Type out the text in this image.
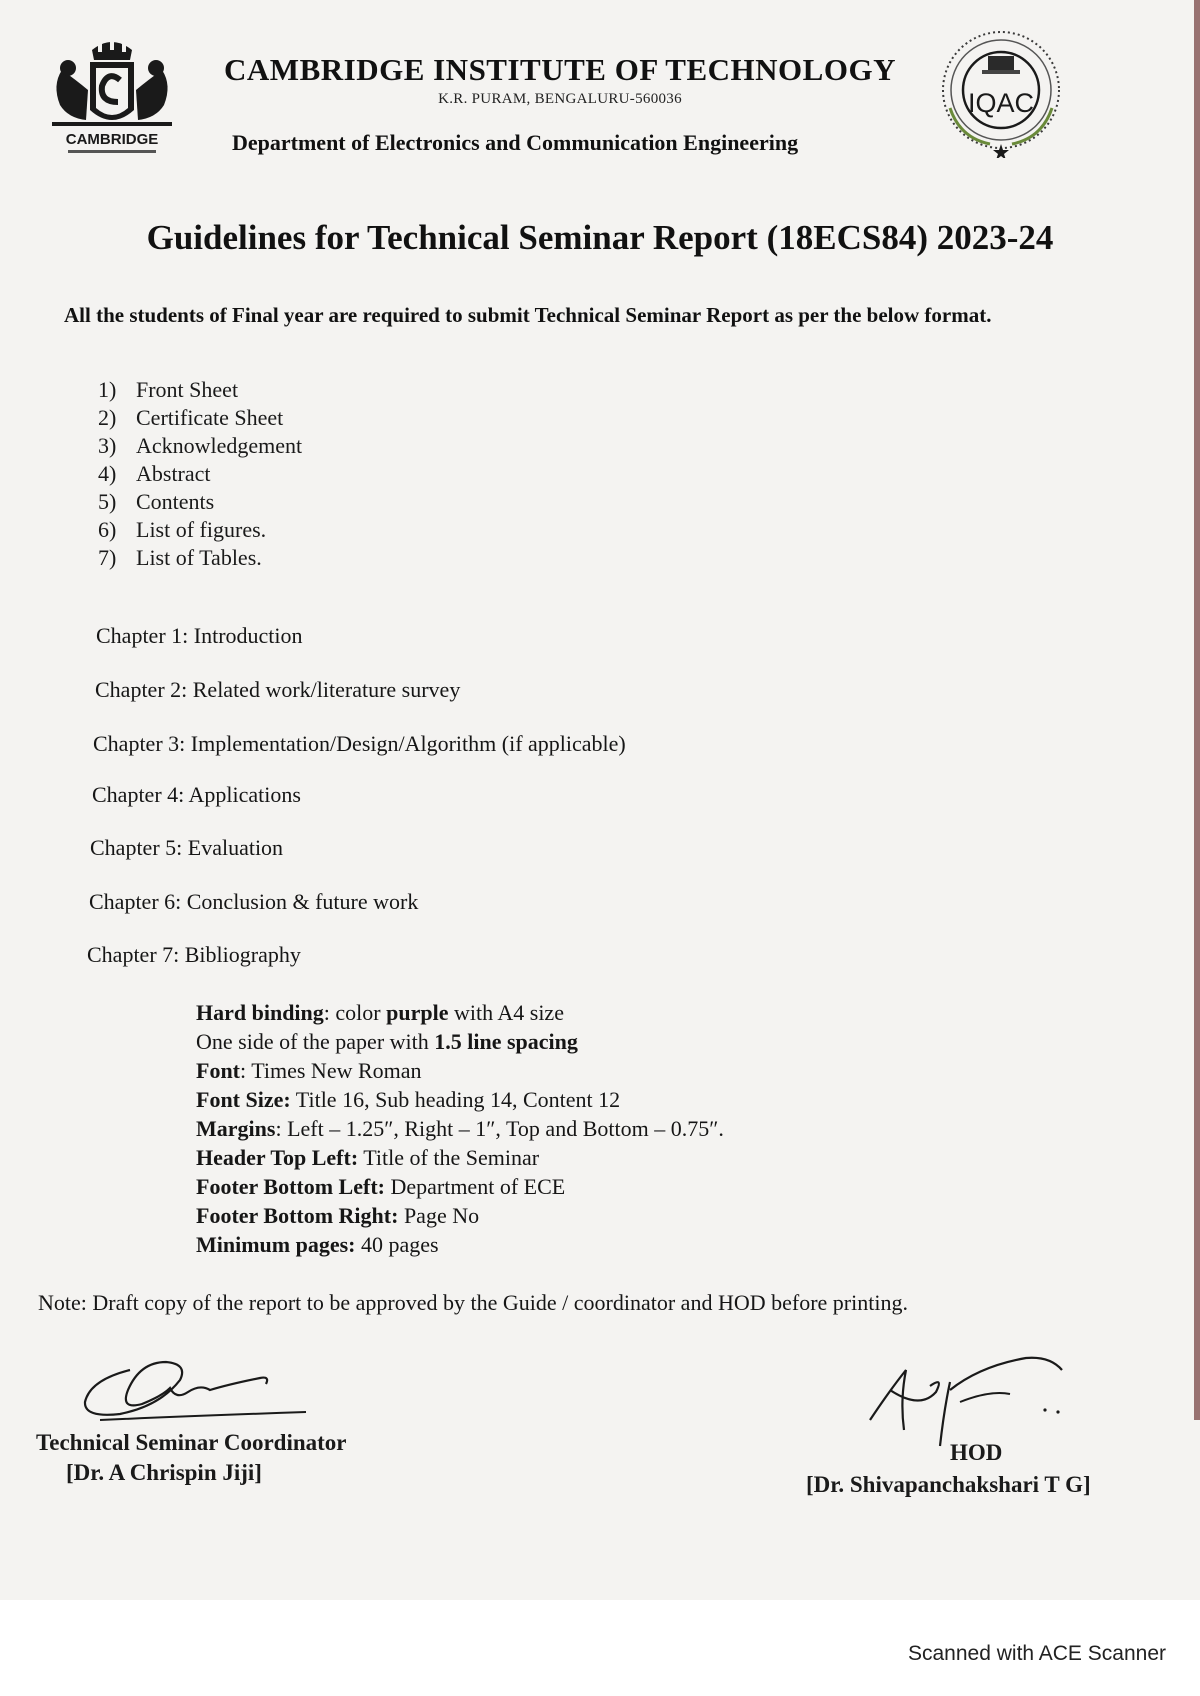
CAMBRIDGE
IQAC
CAMBRIDGE INSTITUTE OF TECHNOLOGY
K.R. PURAM, BENGALURU-560036
Department of Electronics and Communication Engineering
Guidelines for Technical Seminar Report (18ECS84) 2023-24
All the students of Final year are required to submit Technical Seminar Report as per the below format.
1) Front Sheet
2) Certificate Sheet
3) Acknowledgement
4) Abstract
5) Contents
6) List of figures.
7) List of Tables.
Chapter 1: Introduction
Chapter 2: Related work/literature survey
Chapter 3: Implementation/Design/Algorithm (if applicable)
Chapter 4: Applications
Chapter 5: Evaluation
Chapter 6: Conclusion & future work
Chapter 7: Bibliography
Hard binding: color purple with A4 size
One side of the paper with 1.5 line spacing
Font: Times New Roman
Font Size: Title 16, Sub heading 14, Content 12
Margins: Left – 1.25″, Right – 1″, Top and Bottom – 0.75″.
Header Top Left: Title of the Seminar
Footer Bottom Left: Department of ECE
Footer Bottom Right: Page No
Minimum pages: 40 pages
Note: Draft copy of the report to be approved by the Guide / coordinator and HOD before printing.
Technical Seminar Coordinator
[Dr. A Chrispin Jiji]
HOD
[Dr. Shivapanchakshari T G]
Scanned with ACE Scanner
